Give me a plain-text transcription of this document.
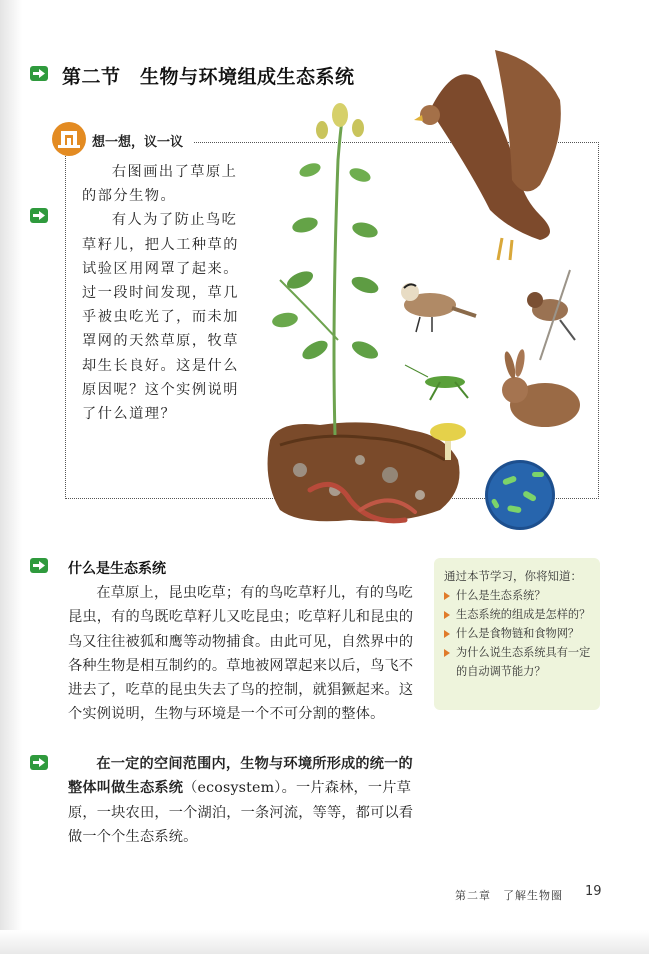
第二节　生物与环境组成生态系统
想一想，议一议

右图画出了草原上的部分生物。

有人为了防止鸟吃草籽儿，把人工种草的试验区用网罩了起来。过一段时间发现，草几乎被虫吃光了，而未加罩网的天然草原，牧草却生长良好。这是什么原因呢？这个实例说明了什么道理？

通过本节学习，你将知道：
什么是生态系统？
生态系统的组成是怎样的？
什么是食物链和食物网？
为什么说生态系统具有一定的自动调节能力？
什么是生态系统

在草原上，昆虫吃草；有的鸟吃草籽儿，有的鸟吃昆虫，有的鸟既吃草籽儿又吃昆虫；吃草籽儿和昆虫的鸟又往往被狐和鹰等动物捕食。由此可见，自然界中的各种生物是相互制约的。草地被网罩起来以后，鸟飞不进去了，吃草的昆虫失去了鸟的控制，就猖獗起来。这个实例说明，生物与环境是一个不可分割的整体。

在一定的空间范围内，生物与环境所形成的统一的整体叫做生态系统（ecosystem）。一片森林，一片草原，一块农田，一个湖泊，一条河流，等等，都可以看做一个个生态系统。

第二章　了解生物圈 19
